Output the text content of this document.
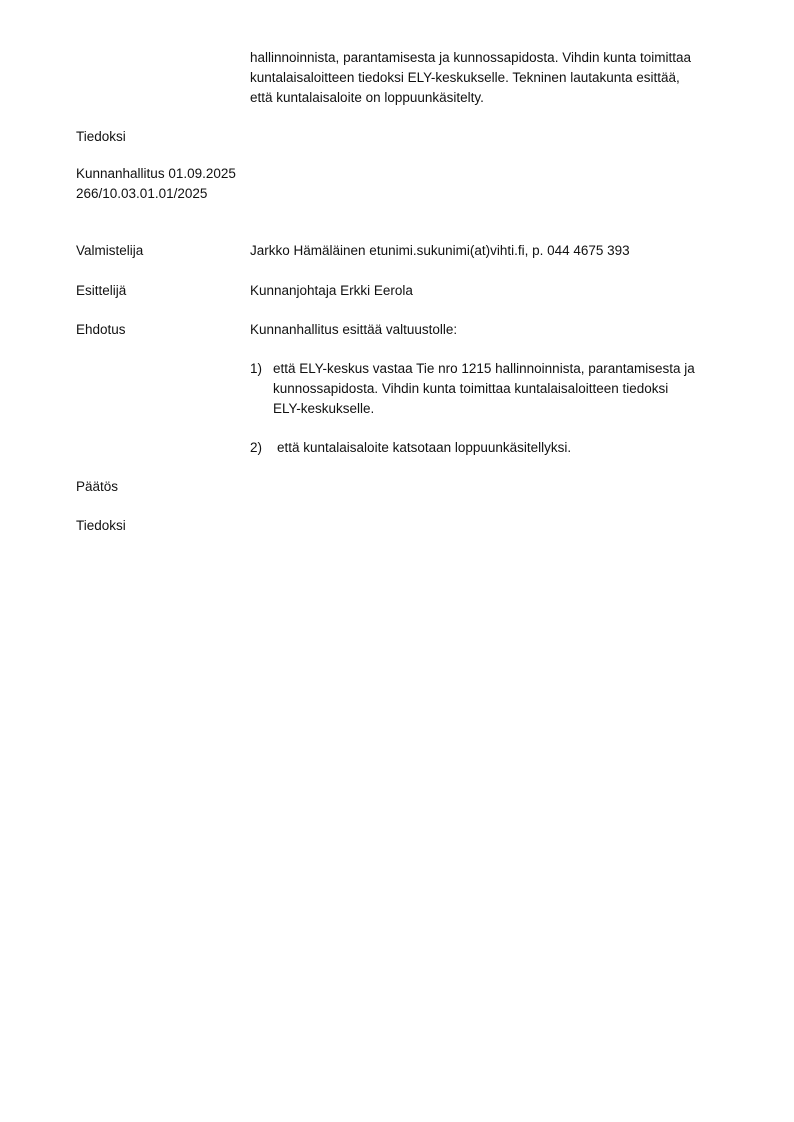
hallinnoinnista, parantamisesta ja kunnossapidosta. Vihdin kunta toimittaa
kuntalaisaloitteen tiedoksi ELY-keskukselle. Tekninen lautakunta esittää,
että kuntalaisaloite on loppuunkäsitelty.
Tiedoksi
Kunnanhallitus 01.09.2025
266/10.03.01.01/2025
Valmistelija	Jarkko Hämäläinen etunimi.sukunimi(at)vihti.fi, p. 044 4675 393
Esittelijä	Kunnanjohtaja Erkki Eerola
Ehdotus	Kunnanhallitus esittää valtuustolle:
1) että ELY-keskus vastaa Tie nro 1215 hallinnoinnista, parantamisesta ja
kunnossapidosta. Vihdin kunta toimittaa kuntalaisaloitteen tiedoksi
ELY-keskukselle.
2) että kuntalaisaloite katsotaan loppuunkäsitellyksi.
Päätös
Tiedoksi
